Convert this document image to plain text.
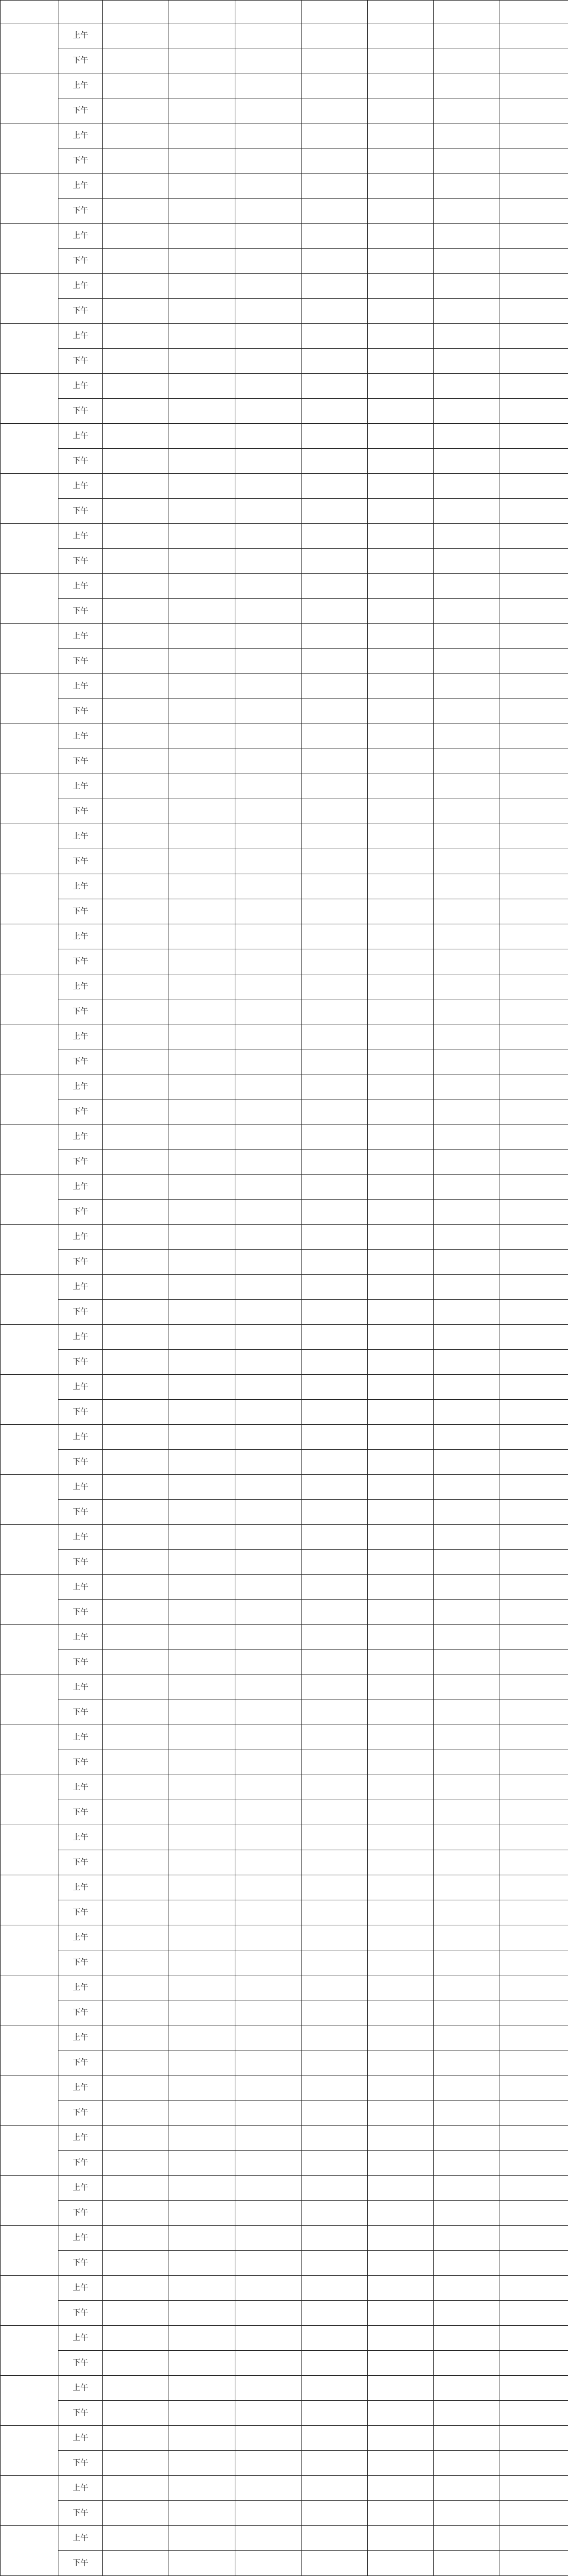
	上午							
	下午							
	上午							
	下午							
	上午							
	下午							
	上午							
	下午							
	上午							
	下午							
	上午							
	下午							
	上午							
	下午							
	上午							
	下午							
	上午							
	下午							
	上午							
	下午							
	上午							
	下午							
	上午							
	下午							
	上午							
	下午							
	上午							
	下午							
	上午							
	下午							
	上午							
	下午							
	上午							
	下午							
	上午							
	下午							
	上午							
	下午							
	上午							
	下午							
	上午							
	下午							
	上午							
	下午							
	上午							
	下午							
	上午							
	下午							
	上午							
	下午							
	上午							
	下午							
	上午							
	下午							
	上午							
	下午							
	上午							
	下午							
	上午							
	下午							
	上午							
	下午							
	上午							
	下午							
	上午							
	下午							
	上午							
	下午							
	上午							
	下午							
	上午							
	下午							
	上午							
	下午							
	上午							
	下午							
	上午							
	下午							
	上午							
	下午							
	上午							
	下午							
	上午							
	下午							
	上午							
	下午							
	上午							
	下午							
	上午							
	下午							
	上午							
	下午							
	上午							
	下午							
	上午							
	下午							
	上午							
	下午							
	上午							
	下午							
	上午							
	下午							
